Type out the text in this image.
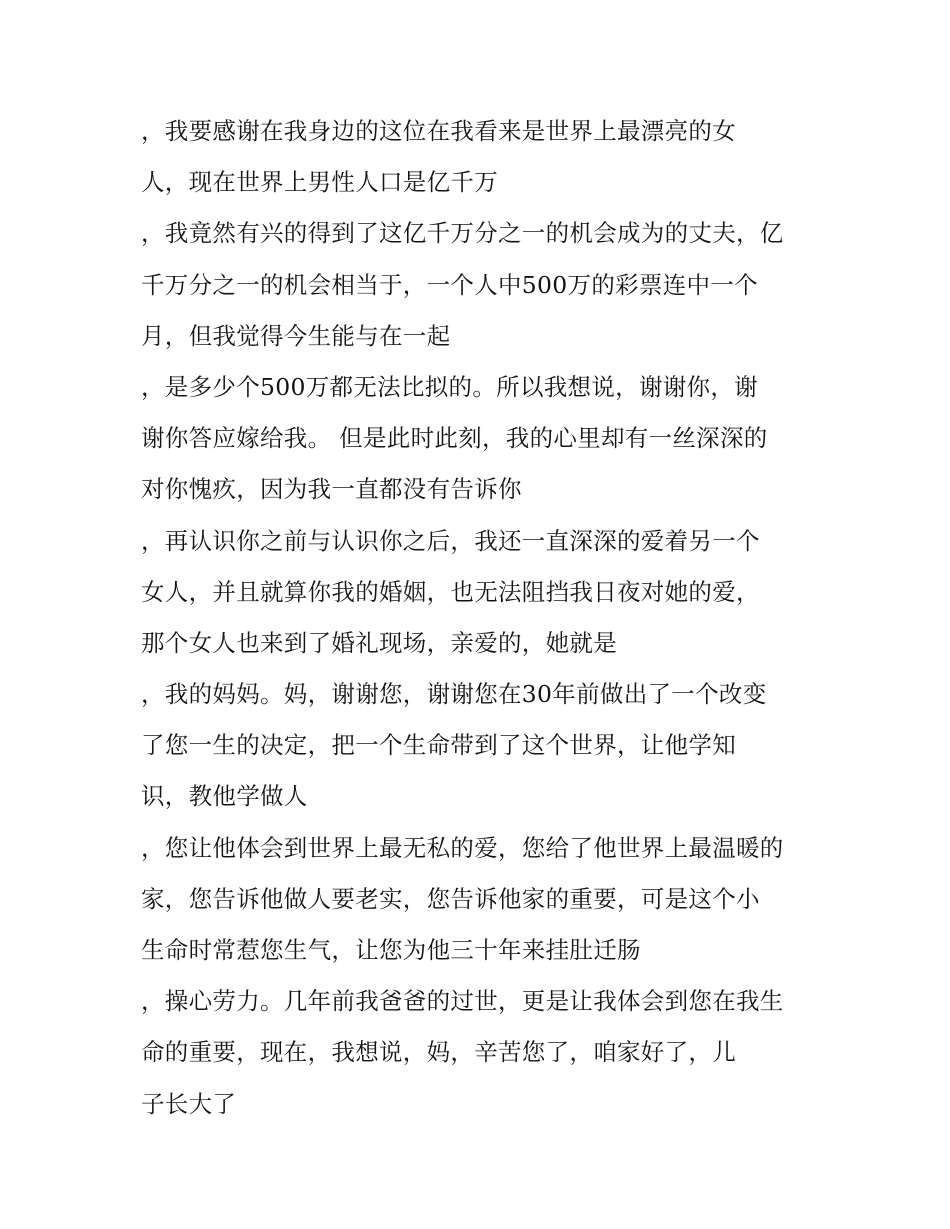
，我要感谢在我身边的这位在我看来是世界上最漂亮的女
人，现在世界上男性人口是亿千万
，我竟然有兴的得到了这亿千万分之一的机会成为的丈夫，亿
千万分之一的机会相当于，一个人中500万的彩票连中一个
月，但我觉得今生能与在一起
，是多少个500万都无法比拟的。所以我想说，谢谢你，谢
谢你答应嫁给我。 但是此时此刻，我的心里却有一丝深深的
对你愧疚，因为我一直都没有告诉你
，再认识你之前与认识你之后，我还一直深深的爱着另一个
女人，并且就算你我的婚姻，也无法阻挡我日夜对她的爱，
那个女人也来到了婚礼现场，亲爱的，她就是
，我的妈妈。妈，谢谢您，谢谢您在30年前做出了一个改变
了您一生的决定，把一个生命带到了这个世界，让他学知
识，教他学做人
，您让他体会到世界上最无私的爱，您给了他世界上最温暖的
家，您告诉他做人要老实，您告诉他家的重要，可是这个小
生命时常惹您生气，让您为他三十年来挂肚迁肠
，操心劳力。几年前我爸爸的过世，更是让我体会到您在我生
命的重要，现在，我想说，妈，辛苦您了，咱家好了，儿
子长大了
